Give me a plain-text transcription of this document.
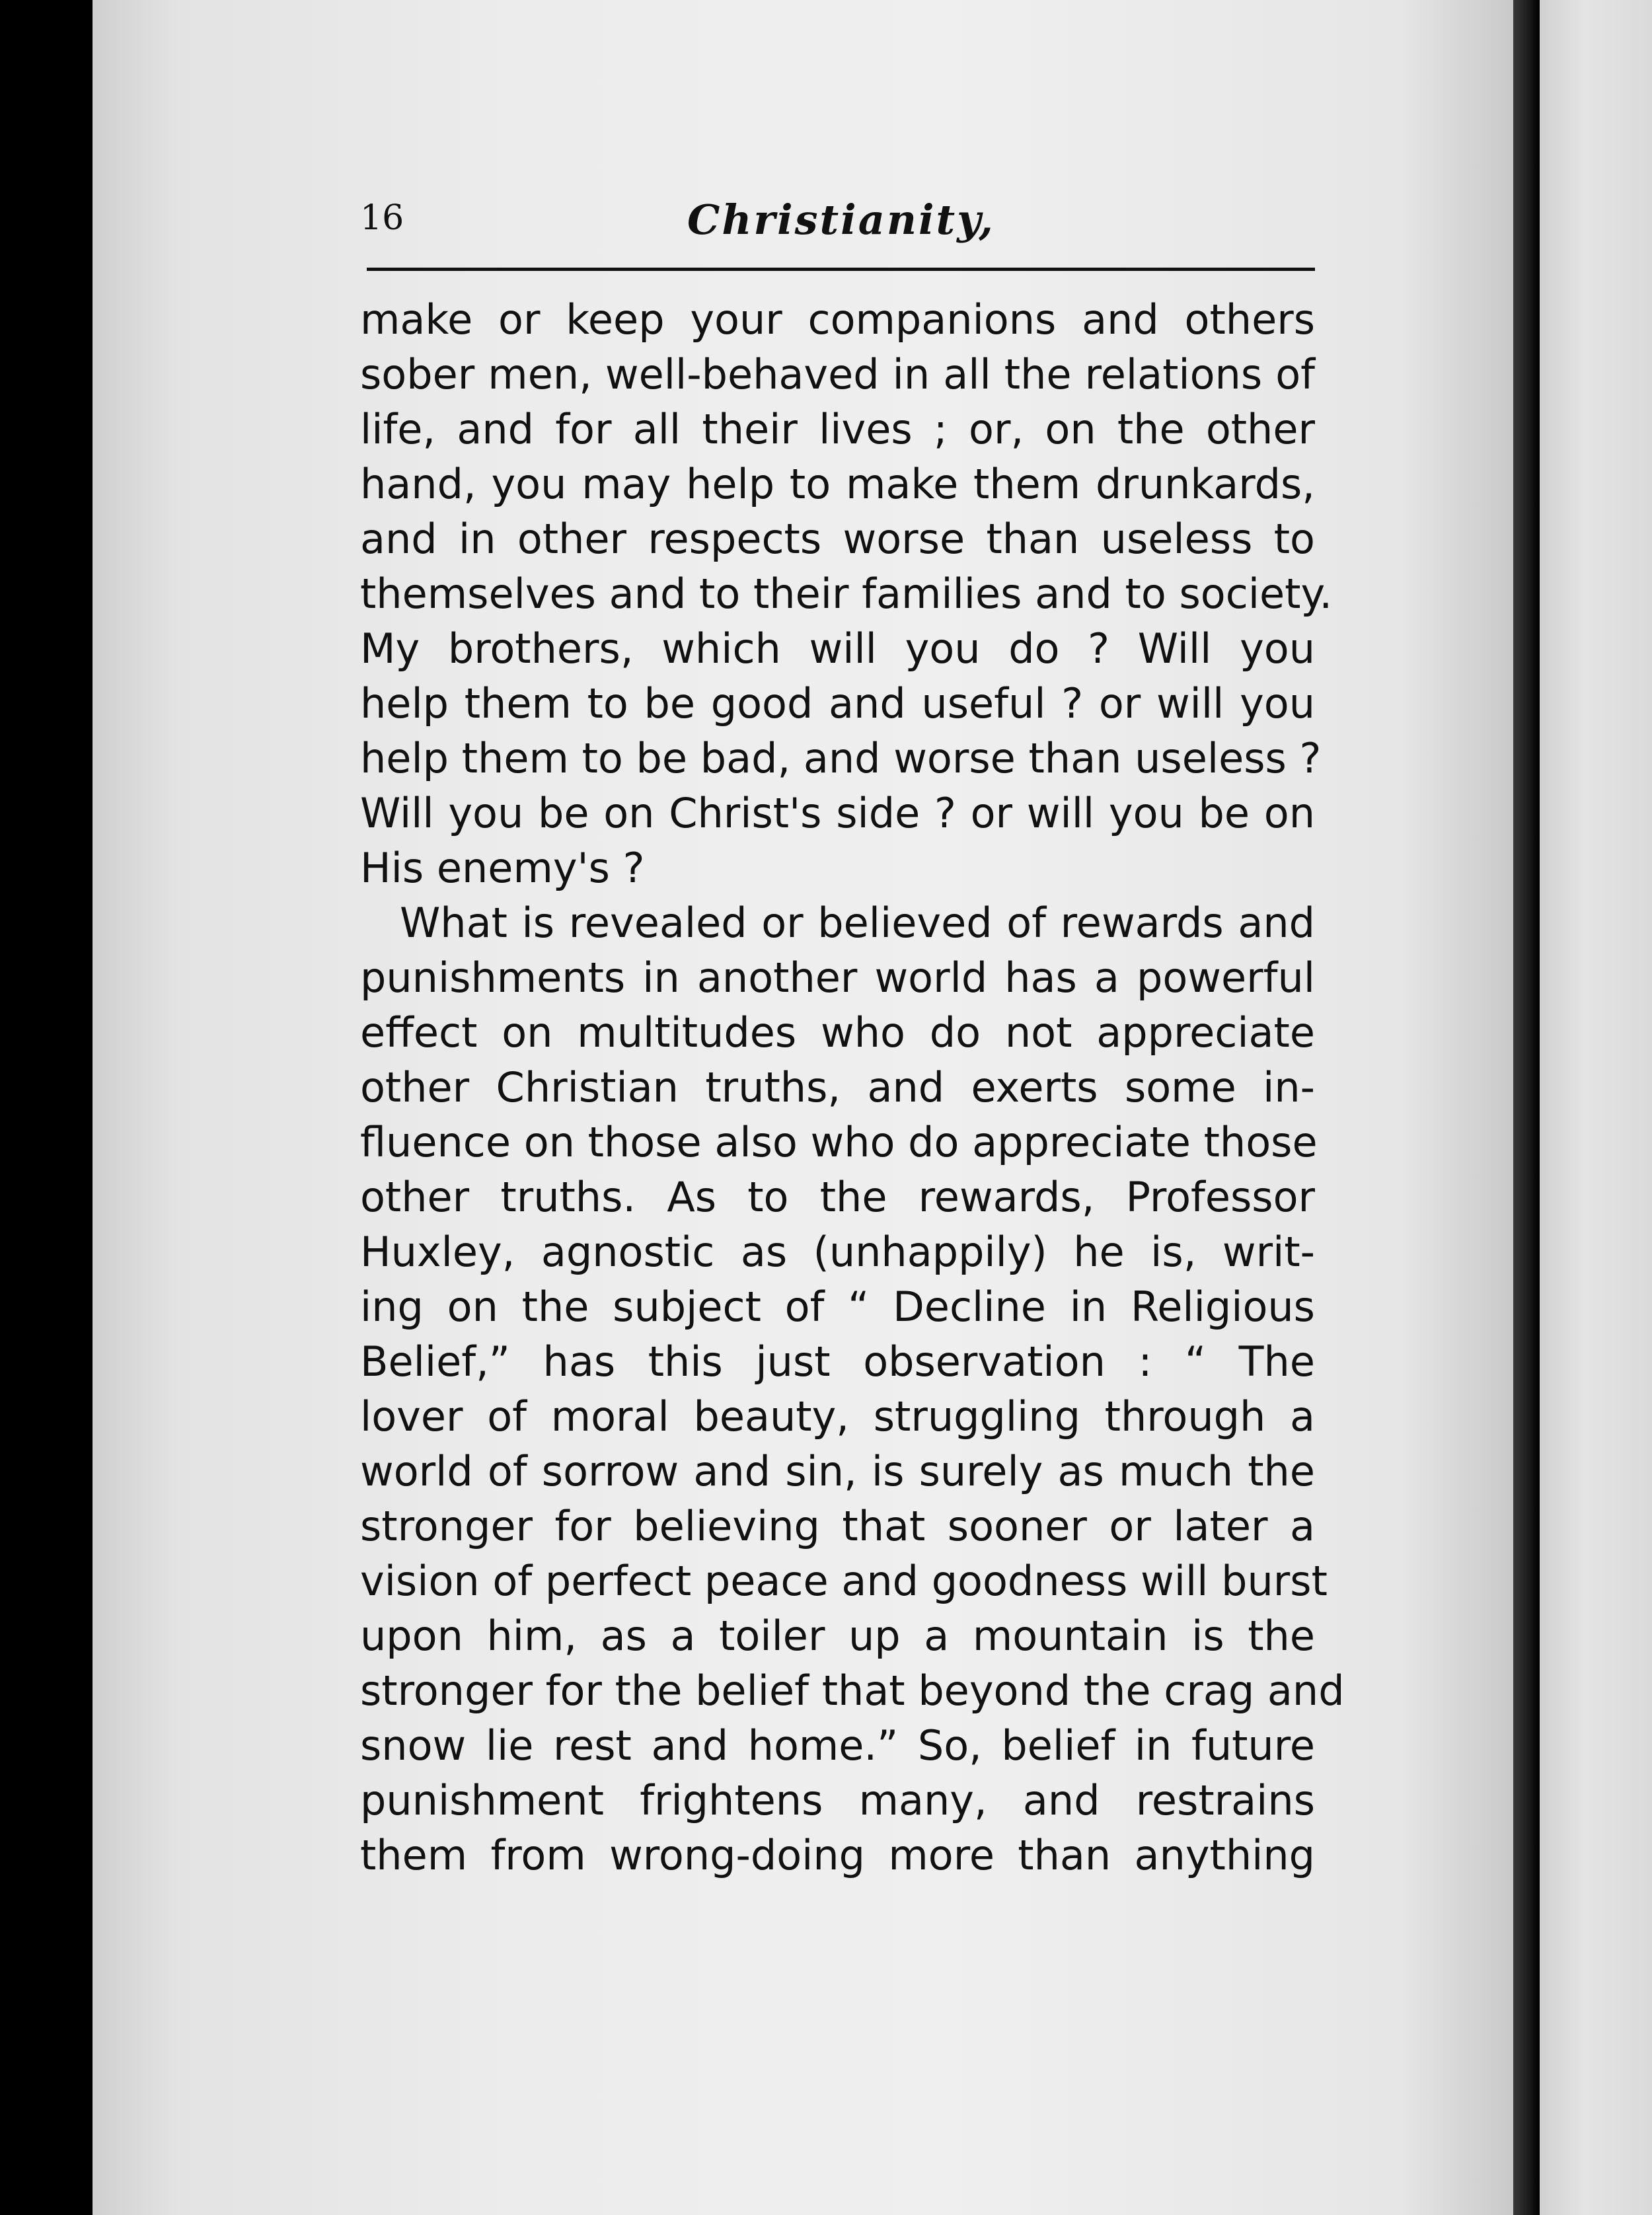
16	Christianity,
make or keep your companions and others
sober men, well-behaved in all the relations of
life, and for all their lives ; or, on the other
hand, you may help to make them drunkards,
and in other respects worse than useless to
themselves and to their families and to society.
My brothers, which will you do ? Will you
help them to be good and useful ? or will you
help them to be bad, and worse than useless ?
Will you be on Christ's side ? or will you be on
His enemy's ?
What is revealed or believed of rewards and
punishments in another world has a powerful
effect on multitudes who do not appreciate
other Christian truths, and exerts some in-
fluence on those also who do appreciate those
other truths. As to the rewards, Professor
Huxley, agnostic as (unhappily) he is, writ-
ing on the subject of “ Decline in Religious
Belief,” has this just observation : “ The
lover of moral beauty, struggling through a
world of sorrow and sin, is surely as much the
stronger for believing that sooner or later a
vision of perfect peace and goodness will burst
upon him, as a toiler up a mountain is the
stronger for the belief that beyond the crag and
snow lie rest and home.” So, belief in future
punishment frightens many, and restrains
them from wrong-doing more than anything
